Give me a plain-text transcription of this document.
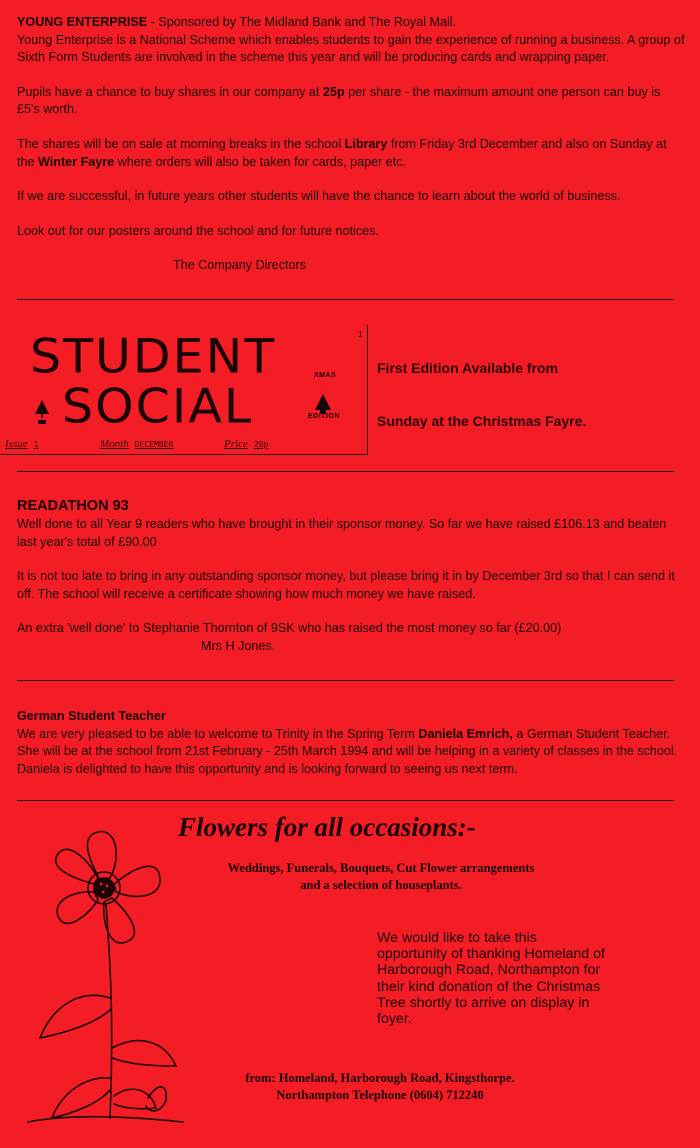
YOUNG ENTERPRISE - Sponsored by The Midland Bank and The Royal Mail.

Young Enterprise is a National Scheme which enables students to gain the experience of running a business. A group of Sixth Form Students are involved in the scheme this year and will be producing cards and wrapping paper.

Pupils have a chance to buy shares in our company at 25p per share - the maximum amount one person can buy is £5's worth.

The shares will be on sale at morning breaks in the school Library from Friday 3rd December and also on Sunday at the Winter Fayre where orders will also be taken for cards, paper etc.

If we are successful, in future years other students will have the chance to learn about the world of business.

Look out for our posters around the school and for future notices.

The Company Directors

STUDENT
SOCIAL
XMAS
EDITION
1
Issue 1	Month DECEMBER	Price 20p
First Edition Available from
Sunday at the Christmas Fayre.

READATHON 93

Well done to all Year 9 readers who have brought in their sponsor money. So far we have raised £106.13 and beaten last year's total of £90.00

It is not too late to bring in any outstanding sponsor money, but please bring it in by December 3rd so that I can send it off. The school will receive a certificate showing how much money we have raised.

An extra 'well done' to Stephanie Thornton of 9SK who has raised the most money so far (£20.00)

Mrs H Jones.

German Student Teacher

We are very pleased to be able to welcome to Trinity in the Spring Term Daniela Emrich, a German Student Teacher. She will be at the school from 21st February - 25th March 1994 and will be helping in a variety of classes in the school. Daniela is delighted to have this opportunity and is looking forward to seeing us next term.

Flowers for all occasions:-
Weddings, Funerals, Bouquets, Cut Flower arrangements
and a selection of houseplants.
We would like to take this opportunity of thanking Homeland of Harborough Road, Northampton for their kind donation of the Christmas Tree shortly to arrive on display in foyer.
from: Homeland, Harborough Road, Kingsthorpe.
Northampton Telephone (0604) 712240
